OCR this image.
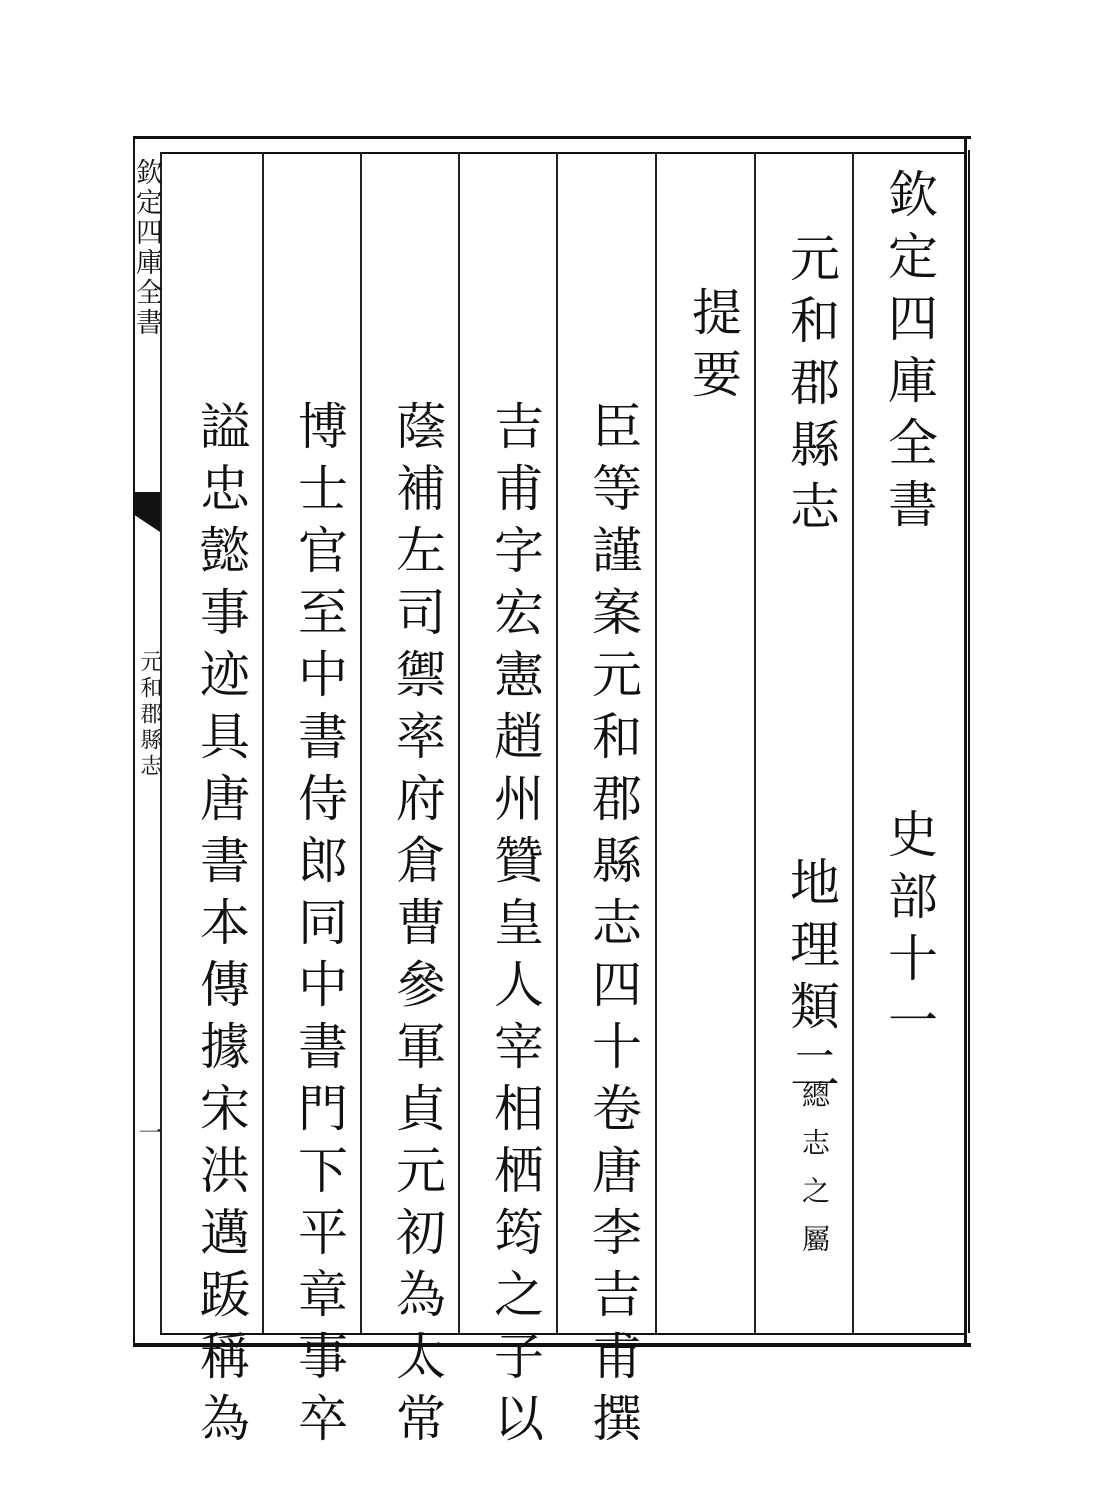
欽定四庫全書
元和郡縣志
一
欽定四庫全書
史部十一
元和郡縣志
地理類二
總志之屬
提要
臣等謹案元和郡縣志四十卷唐李吉甫撰
吉甫字宏憲趙州贊皇人宰相栖筠之子以
蔭補左司禦率府倉曹參軍貞元初為太常
博士官至中書侍郎同中書門下平章事卒
謚忠懿事迹具唐書本傳據宋洪邁䟦稱為
